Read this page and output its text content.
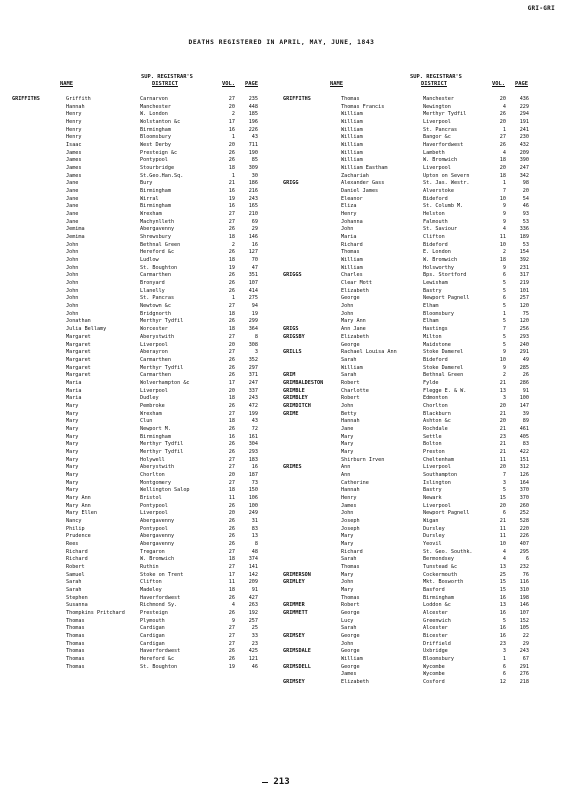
GRI-GRI
DEATHS REGISTERED IN APRIL, MAY, JUNE, 1843
SUP. REGISTRAR'S
NAME	DISTRICT	VOL. PAGE
SUP. REGISTRAR'S
NAME	DISTRICT	VOL. PAGE
GRIFFITHS	Griffith	Carnarvon	27	235
Hannah	Manchester	20	448
Henry	W. London	2	185
Henry	Wolstanton &c	17	196
Henry	Birmingham	16	226
Henry	Bloomsbury	1	43
Isaac	West Derby	20	711
James	Presteign &c	26	190
James	Pontypool	26	85
James	Stourbridge	18	309
James	St.Geo.Han.Sq.	1	30
Jane	Bury	21	186
Jane	Birmingham	16	216
Jane	Wirral	19	243
Jane	Birmingham	16	165
Jane	Wrexham	27	210
Jane	Machynlleth	27	69
Jemima	Abergavenny	26	29
Jemima	Shrewsbury	18	146
John	Bethnal Green	2	16
John	Hereford &c	26	127
John	Ludlow	18	70
John	St. Boughton	19	47
John	Carmarthen	26	351
John	Bronyard	26	107
John	Llanelly	26	414
John	St. Pancras	1	275
John	Newtown &c	27	94
John	Bridgnorth	18	19
Jonathan	Merthyr Tydfil	26	299
Julia Bellamy	Worcester	18	364
Margaret	Aberystwith	27	8
Margaret	Liverpool	20	308
Margaret	Aberayron	27	3
Margaret	Carmarthen	26	352
Margaret	Merthyr Tydfil	26	297
Margaret	Carmarthen	26	371
Maria	Wolverhampton &c	17	247
Maria	Liverpool	20	337
Maria	Dudley	18	243
Mary	Pembroke	26	472
Mary	Wrexham	27	199
Mary	Clun	18	43
Mary	Newport M.	26	72
Mary	Birmingham	16	161
Mary	Merthyr Tydfil	26	304
Mary	Merthyr Tydfil	26	293
Mary	Holywell	27	183
Mary	Aberystwith	27	16
Mary	Chorlton	20	187
Mary	Montgomery	27	73
Mary	Wellington Salop	18	150
Mary Ann	Bristol	11	106
Mary Ann	Pontypool	26	100
Mary Ellen	Liverpool	20	249
Nancy	Abergavenny	26	31
Philip	Pontypool	26	83
Prudence	Abergavenny	26	13
Rees	Abergavenny	26	8
Richard	Tregaron	27	48
Richard	W. Bromwich	18	374
Robert	Ruthin	27	141
Samuel	Stoke on Trent	17	142
Sarah	Clifton	11	209
Sarah	Madeley	18	91
Stephen	Haverfordwest	26	427
Susanna	Richmond Sy.	4	263
Thompkins Pritchard	Presteign	26	192
Thomas	Plymouth	9	257
Thomas	Cardigan	27	25
Thomas	Cardigan	27	33
Thomas	Cardigan	27	23
Thomas	Haverfordwest	26	425
Thomas	Hereford &c	26	121
Thomas	St. Boughton	19	46
GRIFFITHS	Thomas	Manchester	20	436
Thomas Francis	Newington	4	229
William	Merthyr Tydfil	26	294
William	Liverpool	20	191
William	St. Pancras	1	241
William	Bangor &c	27	230
William	Haverfordwest	26	432
William	Lambeth	4	209
William	W. Bromwich	18	390
William Eastham	Liverpool	20	247
Zachariah	Upton on Severn	18	342
GRIGG	Alexander Gass	St. Jas. Westr.	1	98
Daniel James	Alverstoke	7	20
Eleanor	Bideford	10	54
Eliza	St. Columb M.	9	46
Henry	Helston	9	93
Johanna	Falmouth	9	53
John	St. Saviour	4	336
Maria	Clifton	11	189
Richard	Bideford	10	53
Thomas	E. London	2	154
William	W. Bromwich	18	392
William	Holsworthy	9	231
GRIGGS	Charles	Bps. Stortford	6	317
Clear Mott	Lewisham	5	219
Elizabeth	Bastry	5	101
George	Newport Pagnell	6	257
John	Elham	5	120
John	Bloomsbury	1	75
Mary Ann	Elham	5	120
GRIGS	Ann Jane	Hastings	7	256
GRIGSBY	Elizabeth	Milton	5	293
George	Maidstone	5	240
GRILLS	Rachael Louisa Ann	Stoke Damerel	9	291
Sarah	Bideford	10	49
William	Stoke Damerel	9	285
GRIM	Sarah	Bethnal Green	2	26
GRIMBALDESTON	Robert	Fylde	21	286
GRIMBLE	Charlotte	Flegge E. & W.	13	91
GRIMBLEY	Robert	Edmonton	3	100
GRIMDITCH	John	Chorlton	20	147
GRIME	Betty	Blackburn	21	39
Hannah	Ashton &c	20	89
Jane	Rochdale	21	461
Mary	Settle	23	405
Mary	Bolton	21	83
Mary	Preston	21	422
Shirburn Irven	Cheltenham	11	151
GRIMES	Ann	Liverpool	20	312
Ann	Southampton	7	126
Catherine	Islington	3	164
Hannah	Bastry	5	370
Henry	Newark	15	370
James	Liverpool	20	260
John	Newport Pagnell	6	252
Joseph	Wigan	21	528
Joseph	Dursley	11	220
Mary	Dursley	11	226
Mary	Yeovil	10	407
Richard	St. Geo. Southk.	4	295
Sarah	Bermondsey	4	6
Thomas	Tunstead &c	13	232
GRIMERSON	Mary	Cockermouth	25	76
GRIMLEY	John	Mkt. Bosworth	15	116
Mary	Basford	15	310
Thomas	Birmingham	16	198
GRIMMER	Robert	Loddon &c	13	146
GRIMMETT	George	Alcester	16	107
Lucy	Greenwich	5	152
Sarah	Alcester	16	105
GRIMSEY	George	Bicester	16	22
John	Driffield	23	29
GRIMSDALE	George	Uxbridge	3	243
William	Bloomsbury	1	67
GRIMSDELL	George	Wycombe	6	291
James	Wycombe	6	276
GRIMSEY	Elizabeth	Cosford	12	218
213
